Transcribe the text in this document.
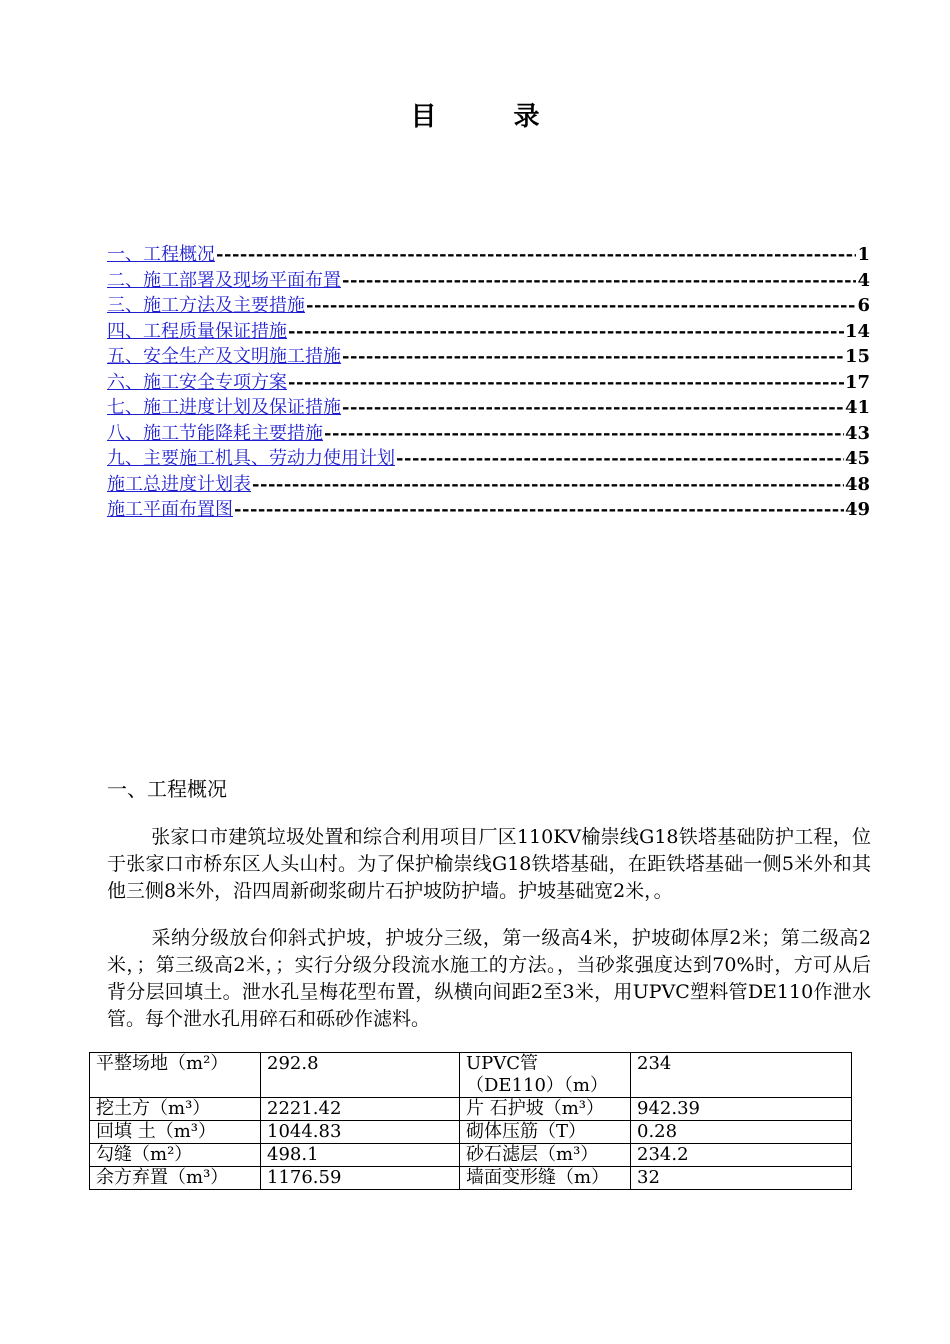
目 录
一、工程概况 -----	1
二、施工部署及现场平面布置 -----	4
三、施工方法及主要措施 -----	6
四、工程质量保证措施 -----	14
五、安全生产及文明施工措施 -----	15
六、施工安全专项方案 -----	17
七、施工进度计划及保证措施 -----	41
八、施工节能降耗主要措施 -----	43
九、主要施工机具、劳动力使用计划 -----	45
施工总进度计划表 -----	48
施工平面布置图 -----	49
一、工程概况
张家口市建筑垃圾处置和综合利用项目厂区110KV榆崇线G18铁塔基础防护工程，位于张家口市桥东区人头山村。为了保护榆崇线G18铁塔基础，在距铁塔基础一侧5米外和其他三侧8米外，沿四周新砌浆砌片石护坡防护墙。护坡基础宽2米，。
采纳分级放台仰斜式护坡，护坡分三级，第一级高4米，护坡砌体厚2米；第二级高2米，；第三级高2米，；实行分级分段流水施工的方法。，当砂浆强度达到70%时，方可从后背分层回填土。泄水孔呈梅花型布置，纵横向间距2至3米，用UPVC塑料管DE110作泄水管。每个泄水孔用碎石和砾砂作滤料。
平整场地（m²）	292.8	UPVC管（DE110）（m）	234
挖土方（m³）	2221.42	片 石护坡（m³）	942.39
回填 土（m³）	1044.83	砌体压筋（T）	0.28
勾缝（m²）	498.1	砂石滤层（m³）	234.2
余方弃置（m³）	1176.59	墙面变形缝（m）	32
